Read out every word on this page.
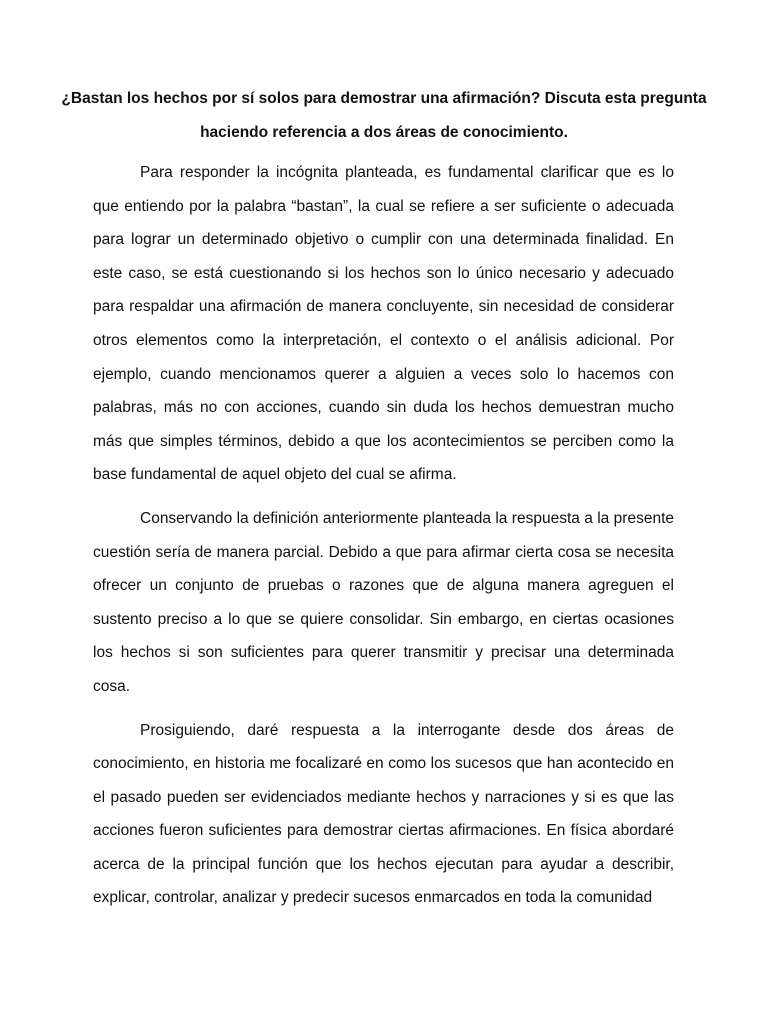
¿Bastan los hechos por sí solos para demostrar una afirmación? Discuta esta pregunta haciendo referencia a dos áreas de conocimiento.

Para responder la incógnita planteada, es fundamental clarificar que es lo que entiendo por la palabra “bastan”, la cual se refiere a ser suficiente o adecuada para lograr un determinado objetivo o cumplir con una determinada finalidad. En este caso, se está cuestionando si los hechos son lo único necesario y adecuado para respaldar una afirmación de manera concluyente, sin necesidad de considerar otros elementos como la interpretación, el contexto o el análisis adicional. Por ejemplo, cuando mencionamos querer a alguien a veces solo lo hacemos con palabras, más no con acciones, cuando sin duda los hechos demuestran mucho más que simples términos, debido a que los acontecimientos se perciben como la base fundamental de aquel objeto del cual se afirma.

Conservando la definición anteriormente planteada la respuesta a la presente cuestión sería de manera parcial. Debido a que para afirmar cierta cosa se necesita ofrecer un conjunto de pruebas o razones que de alguna manera agreguen el sustento preciso a lo que se quiere consolidar. Sin embargo, en ciertas ocasiones los hechos si son suficientes para querer transmitir y precisar una determinada cosa.

Prosiguiendo, daré respuesta a la interrogante desde dos áreas de conocimiento, en historia me focalizaré en como los sucesos que han acontecido en el pasado pueden ser evidenciados mediante hechos y narraciones y si es que las acciones fueron suficientes para demostrar ciertas afirmaciones. En física abordaré acerca de la principal función que los hechos ejecutan para ayudar a describir, explicar, controlar, analizar y predecir sucesos enmarcados en toda la comunidad
